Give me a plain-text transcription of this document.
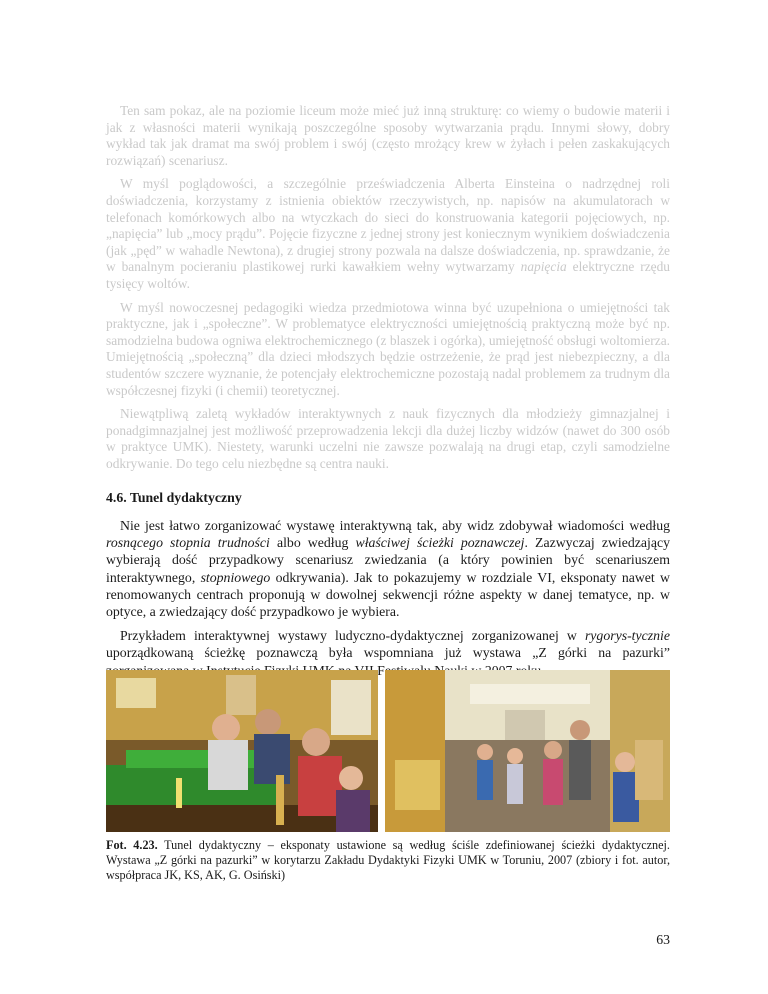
Ten sam pokaz, ale na poziomie liceum może mieć już inną strukturę: co wiemy o budowie materii i jak z własności materii wynikają poszczególne sposoby wytwarzania prądu. Innymi słowy, dobry wykład tak jak dramat ma swój problem i swój (często mrożący krew w żyłach i pełen zaskakujących rozwiązań) scenariusz.

W myśl poglądowości, a szczególnie przeświadczenia Alberta Einsteina o nadrzędnej roli doświadczenia, korzystamy z istnienia obiektów rzeczywistych, np. napisów na akumulatorach w telefonach komórkowych albo na wtyczkach do sieci do konstruowania kategorii pojęciowych, np. „napięcia” lub „mocy prądu”. Pojęcie fizyczne z jednej strony jest koniecznym wynikiem doświadczenia (jak „pęd” w wahadle Newtona), z drugiej strony pozwala na dalsze doświadczenia, np. sprawdzanie, że w banalnym pocieraniu plastikowej rurki kawałkiem wełny wytwarzamy napięcia elektryczne rzędu tysięcy woltów.

W myśl nowoczesnej pedagogiki wiedza przedmiotowa winna być uzupełniona o umiejętności tak praktyczne, jak i „społeczne”. W problematyce elektryczności umiejętnością praktyczną może być np. samodzielna budowa ogniwa elektrochemicznego (z blaszek i ogórka), umiejętność obsługi woltomierza. Umiejętnością „społeczną” dla dzieci młodszych będzie ostrzeżenie, że prąd jest niebezpieczny, a dla studentów szczere wyznanie, że potencjały elektrochemiczne pozostają nadal problemem za trudnym dla współczesnej fizyki (i chemii) teoretycznej.

Niewątpliwą zaletą wykładów interaktywnych z nauk fizycznych dla młodzieży gimnazjalnej i ponadgimnazjalnej jest możliwość przeprowadzenia lekcji dla dużej liczby widzów (nawet do 300 osób w praktyce UMK). Niestety, warunki uczelni nie zawsze pozwalają na drugi etap, czyli samodzielne odkrywanie. Do tego celu niezbędne są centra nauki.

4.6. Tunel dydaktyczny

Nie jest łatwo zorganizować wystawę interaktywną tak, aby widz zdobywał wiadomości według rosnącego stopnia trudności albo według właściwej ścieżki poznawczej. Zazwyczaj zwiedzający wybierają dość przypadkowy scenariusz zwiedzania (a który powinien być scenariuszem interaktywnego, stopniowego odkrywania). Jak to pokazujemy w rozdziale VI, eksponaty nawet w renomowanych centrach proponują w dowolnej sekwencji różne aspekty w danej tematyce, np. w optyce, a zwiedzający dość przypadkowo je wybiera.

Przykładem interaktywnej wystawy ludyczno-dydaktycznej zorganizowanej w rygorys-tycznie uporządkowaną ścieżkę poznawczą była wspomniana już wystawa „Z górki na pazurki”

Fot. 4.23. Tunel dydaktyczny – eksponaty ustawione są według ściśle zdefiniowanej ścieżki dydaktycznej. Wystawa „Z górki na pazurki” w korytarzu Zakładu Dydaktyki Fizyki UMK w Toruniu, 2007 (zbiory i fot. autor, współpraca JK, KS, AK, G. Osiński)
63
